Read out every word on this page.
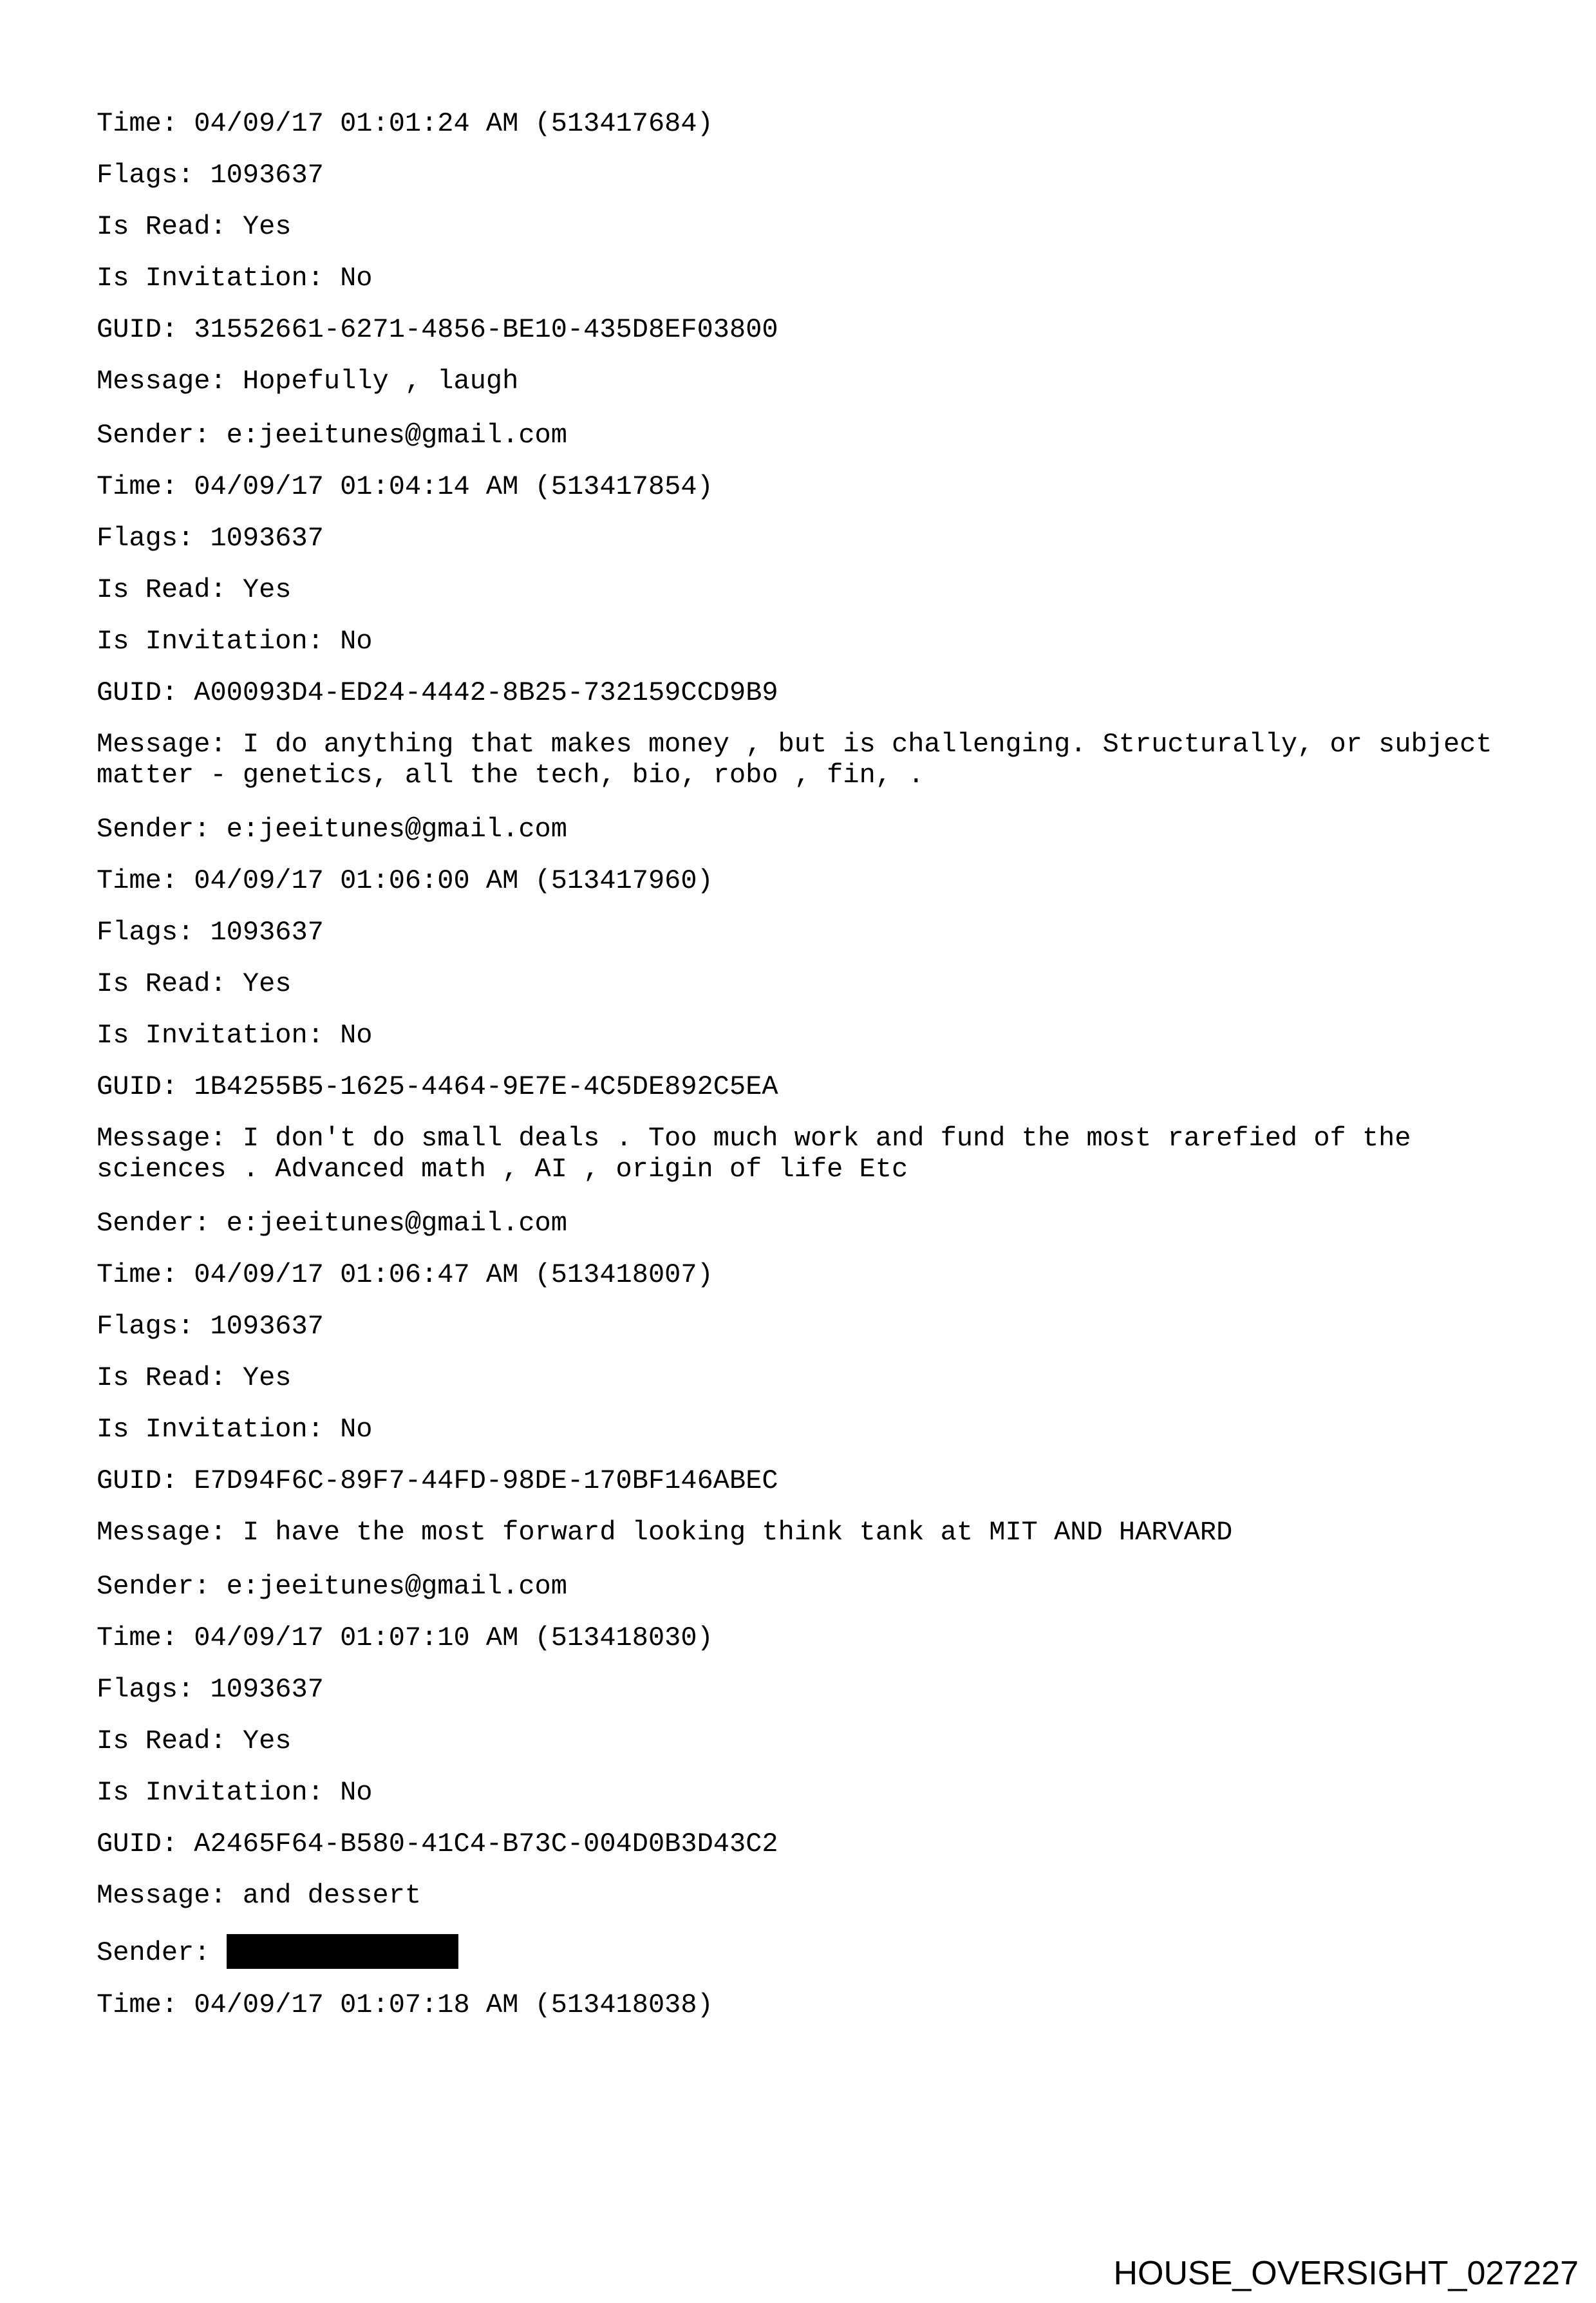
Time: 04/09/17 01:01:24 AM (513417684)

Flags: 1093637

Is Read: Yes

Is Invitation: No

GUID: 31552661-6271-4856-BE10-435D8EF03800

Message: Hopefully , laugh

Sender: e:jeeitunes@gmail.com

Time: 04/09/17 01:04:14 AM (513417854)

Flags: 1093637

Is Read: Yes

Is Invitation: No

GUID: A00093D4-ED24-4442-8B25-732159CCD9B9

Message: I do anything that makes money , but is challenging. Structurally, or subject matter - genetics, all the tech, bio, robo , fin, .

Sender: e:jeeitunes@gmail.com

Time: 04/09/17 01:06:00 AM (513417960)

Flags: 1093637

Is Read: Yes

Is Invitation: No

GUID: 1B4255B5-1625-4464-9E7E-4C5DE892C5EA

Message: I don't do small deals . Too much work and fund the most rarefied of the sciences . Advanced math , AI , origin of life Etc

Sender: e:jeeitunes@gmail.com

Time: 04/09/17 01:06:47 AM (513418007)

Flags: 1093637

Is Read: Yes

Is Invitation: No

GUID: E7D94F6C-89F7-44FD-98DE-170BF146ABEC

Message: I have the most forward looking think tank at MIT AND HARVARD

Sender: e:jeeitunes@gmail.com

Time: 04/09/17 01:07:10 AM (513418030)

Flags: 1093637

Is Read: Yes

Is Invitation: No

GUID: A2465F64-B580-41C4-B73C-004D0B3D43C2

Message: and dessert

Sender:

Time: 04/09/17 01:07:18 AM (513418038)

HOUSE_OVERSIGHT_027227
